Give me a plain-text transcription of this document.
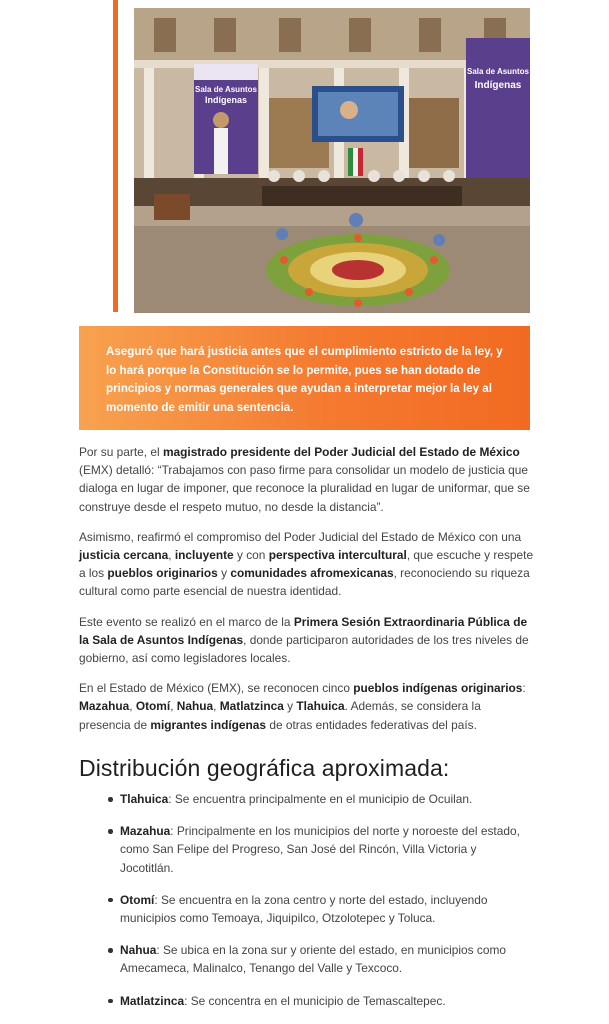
Sala de Asuntos
Indígenas
Sala de Asuntos
Indígenas

Aseguró que hará justicia antes que el cumplimiento estricto de la ley, y lo hará porque la Constitución se lo permite, pues se han dotado de principios y normas generales que ayudan a interpretar mejor la ley al momento de emitir una sentencia.

Por su parte, el magistrado presidente del Poder Judicial del Estado de México (EMX) detalló: “Trabajamos con paso firme para consolidar un modelo de justicia que dialoga en lugar de imponer, que reconoce la pluralidad en lugar de uniformar, que se construye desde el respeto mutuo, no desde la distancia”.

Asimismo, reafirmó el compromiso del Poder Judicial del Estado de México con una justicia cercana, incluyente y con perspectiva intercultural, que escuche y respete a los pueblos originarios y comunidades afromexicanas, reconociendo su riqueza cultural como parte esencial de nuestra identidad.

Este evento se realizó en el marco de la Primera Sesión Extraordinaria Pública de la Sala de Asuntos Indígenas, donde participaron autoridades de los tres niveles de gobierno, así como legisladores locales.

En el Estado de México (EMX), se reconocen cinco pueblos indígenas originarios: Mazahua, Otomí, Nahua, Matlatzinca y Tlahuica. Además, se considera la presencia de migrantes indígenas de otras entidades federativas del país.

Distribución geográfica aproximada:
Tlahuica: Se encuentra principalmente en el municipio de Ocuilan.
Mazahua: Principalmente en los municipios del norte y noroeste del estado, como San Felipe del Progreso, San José del Rincón, Villa Victoria y Jocotitlán.
Otomí: Se encuentra en la zona centro y norte del estado, incluyendo municipios como Temoaya, Jiquipilco, Otzolotepec y Toluca.
Nahua: Se ubica en la zona sur y oriente del estado, en municipios como Amecameca, Malinalco, Tenango del Valle y Texcoco.
Matlatzinca: Se concentra en el municipio de Temascaltepec.
